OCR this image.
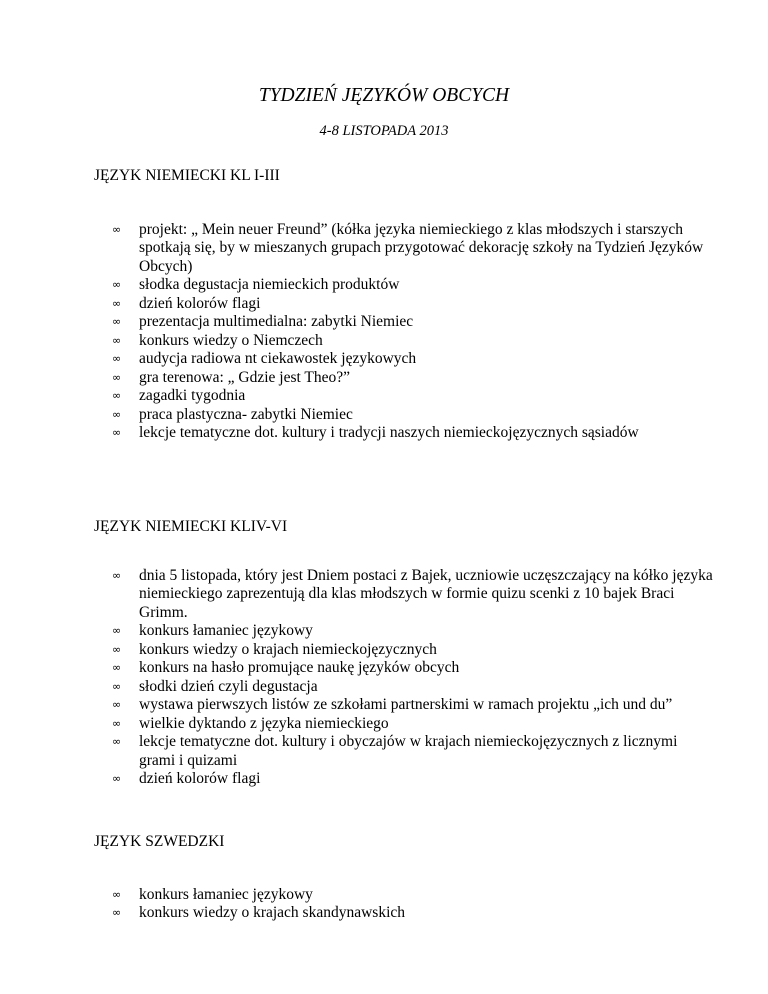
TYDZIEŃ JĘZYKÓW OBCYCH
4-8 LISTOPADA 2013
JĘZYK NIEMIECKI KL I-III
∞ projekt: „ Mein neuer Freund” (kółka języka niemieckiego z klas młodszych i starszych spotkają się, by w mieszanych grupach przygotować dekorację szkoły na Tydzień Języków Obcych)
∞ słodka degustacja niemieckich produktów
∞ dzień kolorów flagi
∞ prezentacja multimedialna: zabytki Niemiec
∞ konkurs wiedzy o Niemczech
∞ audycja radiowa nt ciekawostek językowych
∞ gra terenowa: „ Gdzie jest Theo?”
∞ zagadki tygodnia
∞ praca plastyczna- zabytki Niemiec
∞ lekcje tematyczne dot. kultury i tradycji naszych niemieckojęzycznych sąsiadów
JĘZYK NIEMIECKI KLIV-VI
∞ dnia 5 listopada, który jest Dniem postaci z Bajek, uczniowie uczęszczający na kółko języka niemieckiego zaprezentują dla klas młodszych w formie quizu scenki z 10 bajek Braci Grimm.
∞ konkurs łamaniec językowy
∞ konkurs wiedzy o krajach niemieckojęzycznych
∞ konkurs na hasło promujące naukę języków obcych
∞ słodki dzień czyli degustacja
∞ wystawa pierwszych listów ze szkołami partnerskimi w ramach projektu „ich und du”
∞ wielkie dyktando z języka niemieckiego
∞ lekcje tematyczne dot. kultury i obyczajów w krajach niemieckojęzycznych z licznymi grami i quizami
∞ dzień kolorów flagi
JĘZYK SZWEDZKI
∞ konkurs łamaniec językowy
∞ konkurs wiedzy o krajach skandynawskich
